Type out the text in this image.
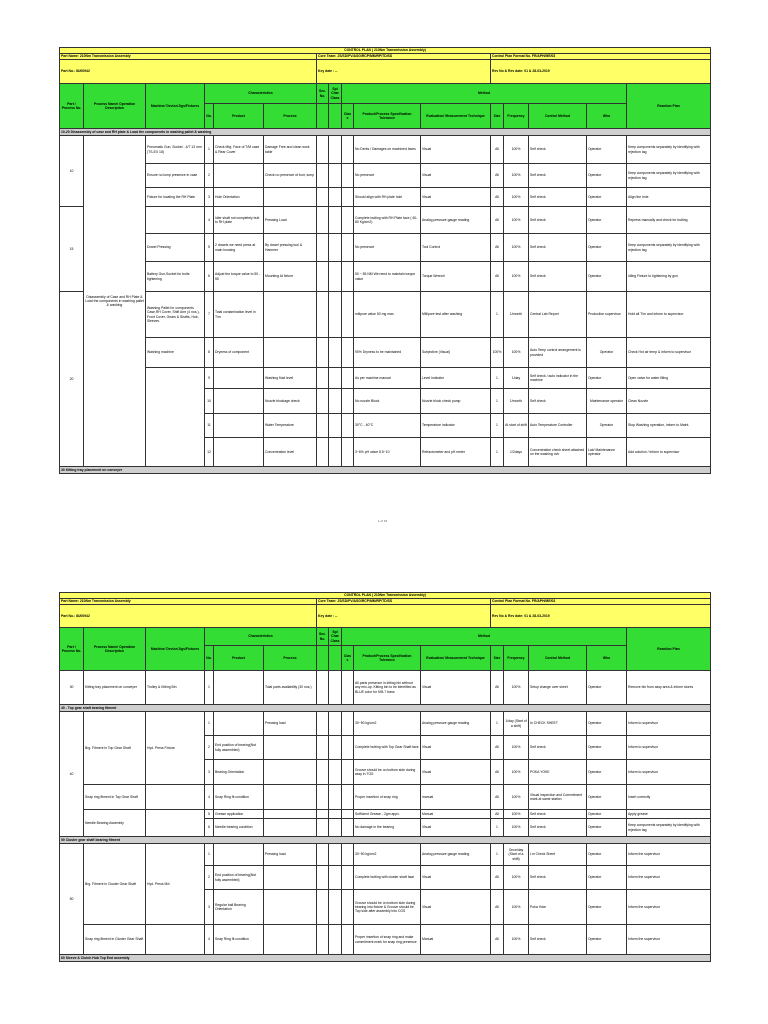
CONTROL PLAN ( 210Nm Transmission Assembly)															
Part Name: 210Nm Transmission Assembly						Core Team: JS/SD/PV/ASG/RCP/MM/RP/TD/SS					Control Plan Format No. FR/APH/ME/03				
Part No.: 8U00942						Key date : --					Rev No & Rev date: 01 & 28-03-2019				
Part / Process No.	Process Name/ Operation Description	Machine/ Device/Jigs/Fixtures	Characteristics			Sec. No.	Spl Char Class	Method							Reaction Plan
			No.	Product	Process			Class	Product/Process Specification Tolerance	Evaluation/ Measurement Technique	Size	Frequency	Control Method	Who	
10-20 Disassembly of case and RH plate & Load the components in washing pallet & washing															
10	Disassembly of Case and RH Plate & Load the components in washing pallet & washing	Pneumatic Gun, Socket - 4/7 13 mm (TS-EX 18)	1	Check Mtg. Face of T/M case & Rear Cover	Damage Free and clean work table				No Dents / Damages on machined faces	Visual	All	100%	Self check	Operator	Keep components separately by identifying with rejection tag
		Ensure no lump presence in case	2		Check no presence of burr, lump				No presence	Visual	All	100%	Self check	Operator	Keep components separately by identifying with rejection tag
		Fixture for locating the RH Plate	3	Hole Orientation					Should align with RH plate hole	Visual	All	100%	Self check	Operator	Align the hole
15			4	Idler shaft not completely butt to RH plate	Pressing Load				Complete butting with RH Plate face ( 60-80 Kg/cm2)	Analog pressure gauge reading	All	100%	Self check	Operator	Repress manually and check for butting
		Dowel Pressing	5	2 dowels we need press at main housing	By dowel pressing tool & Hammer				No presence	Tool Control	All	100%	Self check	Operator	Keep components separately by identifying with rejection tag
		Battery Gun,Socket for bolts tightening	6	Adjust the torque value to 50 - 55	Mounting At fixture				50 ~ 55 NM We need to maintain torque value	Torque Wrench	All	100%	Self check	Operator	Idling Fixture to tightening by gun
20		Washing Pallet for components Case,RH Cover, Shift Arm (4 nos.), Front Cover, Gears & Shafts, Hub, Sleeves.	7	Total contamination level in T/m					milipore value 50 mg max.	Millipore test after washing	1	1/month	Central Lab Report	Production supervisor	Hold all T/m and inform to supervisor
		Washing machine	8	Dryness of component					90% Dryness to be maintained	Subjective (Visual)	100%	100%	Auto Temp control arrangement is provided	Operator	Check Hot air temp & inform to supervisor
			9		Washing fluid level				As per machine manual	Level Indicator	1	1/day	Self check / auto indicator in the machine	Operator	Open valve for water filling
			10		Nozzle blockage check				No nozzle Block	Nozzle block check pump	1	1/month	Self check	Maintenance operator	Clean Nozzle
			11		Water Temperature				30°C - 40°C	Temperature indicator	1	At start of shift	Auto Temperature Controller	Operator	Stop Washing operation, inform to Maint.
			12		Concentration level				3~6% pH value 8.5~10	Refractometer and pH meter	1	1/2days	Concentration check sheet attached on the washing m/c	Lab/ Maintenance operator	Add solution / Inform to supervisor
30 Kitting tray placement on conveyer															
1 of 15
CONTROL PLAN ( 210Nm Transmission Assembly)															
Part Name: 210Nm Transmission Assembly						Core Team: JS/SD/PV/ASG/RCP/MM/RP/TD/SS					Control Plan Format No. FR/APH/ME/03				
Part No.: 8U00942						Key date : --					Rev No & Rev date: 01 & 28-03-2019				
Part / Process No.	Process Name/ Operation Description	Machine/ Device/Jigs/Fixtures	Characteristics			Sec. No.	Spl Char Class	Method							Reaction Plan
			No.	Product	Process			Class	Product/Process Specification Tolerance	Evaluation/ Measurement Technique	Size	Frequency	Control Method	Who	
30	Kitting tray placement on conveyer	Trolley & Kitting Bin	1		Total parts availability (30 nos.)				All parts presence in kitting bin without any mix-up. Kitting bin to be identified as BLUE color for N9L7 trans	Visual	All	100%	Setup change over sheet	Operator	Remove bin from assy area & inform stores
40 - Top gear shaft bearing fitment															
40	Brg. Fitment in Top Gear Shaft	Hyd. Press Fixture	1		Pressing load				30~50 kg/cm2	Analog pressure gauge reading	1	1/day (Start of a shift)	In CHECK SHEET	Operator	Inform to supervisor
			2	End position of bearing(Not fully assembled)					Complete butting with Top Gear Shaft face	Visual	All	100%	Self check	Operator	Inform to supervisor
			3	Bearing Orientation					Groove should be on bottom side during assy in TGS	Visual	All	100%	POKA YOKE	Operator	Inform to supervisor
	Snap ring fitment in Top Gear Shaft		4	Snap Ring fit condition					Proper insertion of snap ring	manual	All	100%	Visual inspection and Commitment mark at same station	Operator	Insert correctly
	Needle Bearing Assembly		5	Grease application					Sufficient Grease - 2gm appx.	Manual	All	100%	Self check	Operator	Apply grease
			6	Needle bearing condition					No damage in the bearing	Visual	1	100%	Self check	Operator	Keep components separately by identifying with rejection tag
50 Cluster gear shaft bearing fitment															
50	Brg. Fitment in Cluster Gear Shaft	Hyd. Press M/c	1		Pressing load.				30~50 kg/cm2	Analog pressure gauge reading	1	Once/day (Start of a shift)	I.m Check Sheet	Operator	Inform the supervisor
			2	End position of bearing(Not fully assembled)					Complete butting with cluster shaft face	Visual	All	100%	Self check	Operator	Inform the supervisor
			3	Regular ball Bearing Orientation					Groove should be on bottom side during bearing into fixture & Groove should be Top side after assembly into CGS	Visual	All	100%	Poka Yoke	Operator	Inform the supervisor
	Snap ring fitment in Cluster Gear Shaft		4	Snap Ring fit condition					Proper insertion of snap ring and make commitment mark for snap ring presence	Manual	All	100%	Self check	Operator	Inform the supervisor
60 Sleeve & Clutch Hub Top End assembly															
